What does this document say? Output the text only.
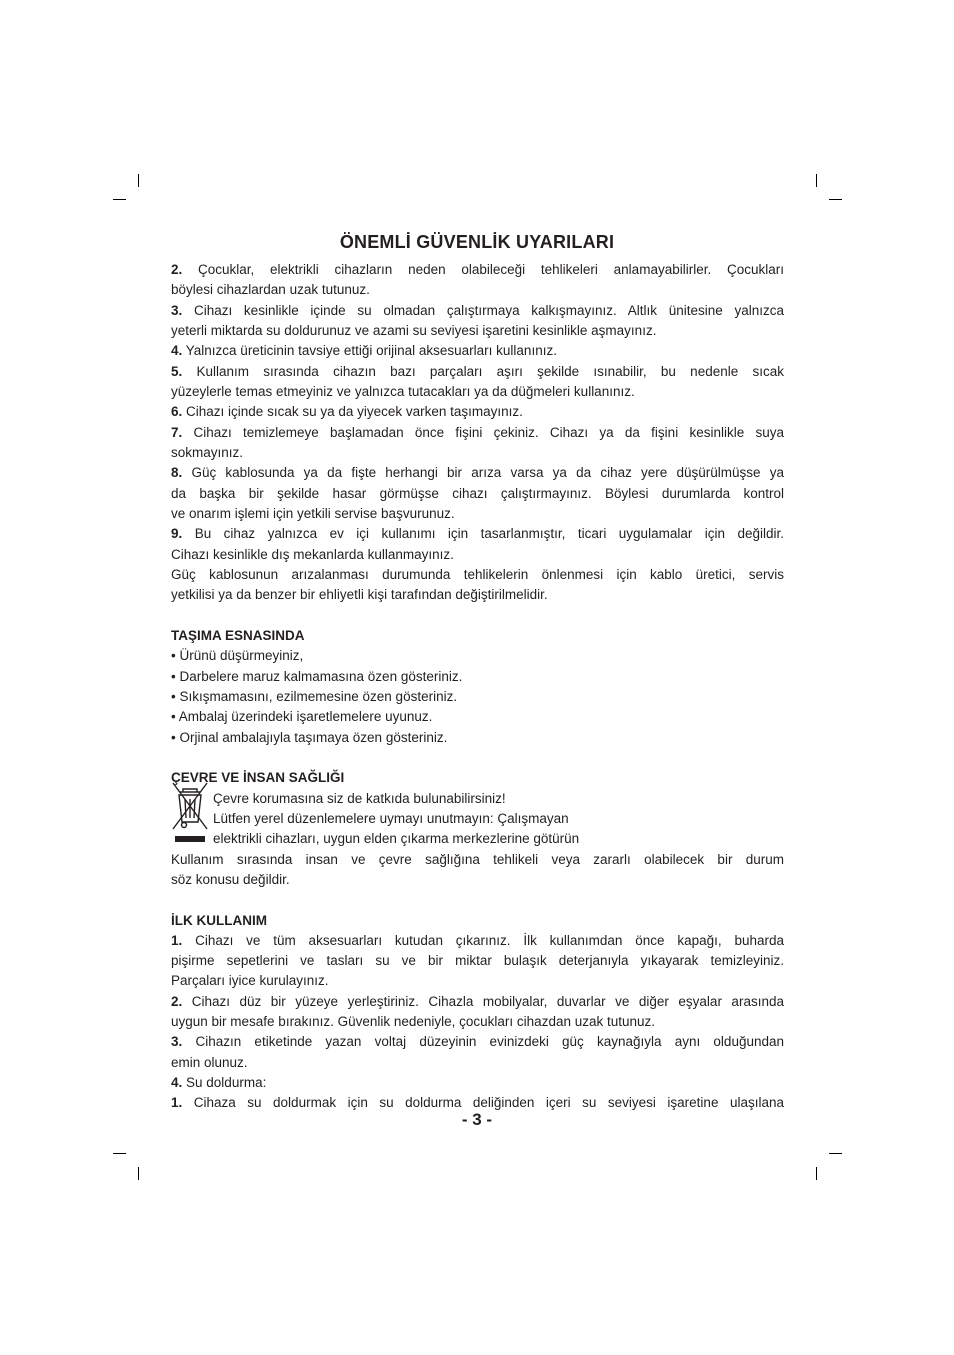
ÖNEMLİ GÜVENLİK UYARILARI
2. Çocuklar, elektrikli cihazların neden olabileceği tehlikeleri anlamayabilirler. Çocukları
böylesi cihazlardan uzak tutunuz.
3. Cihazı kesinlikle içinde su olmadan çalıştırmaya kalkışmayınız. Altlık ünitesine yalnızca
yeterli miktarda su doldurunuz ve azami su seviyesi işaretini kesinlikle aşmayınız.
4. Yalnızca üreticinin tavsiye ettiği orijinal aksesuarları kullanınız.
5. Kullanım sırasında cihazın bazı parçaları aşırı şekilde ısınabilir, bu nedenle sıcak
yüzeylerle temas etmeyiniz ve yalnızca tutacakları ya da düğmeleri kullanınız.
6. Cihazı içinde sıcak su ya da yiyecek varken taşımayınız.
7. Cihazı temizlemeye başlamadan önce fişini çekiniz. Cihazı ya da fişini kesinlikle suya
sokmayınız.
8. Güç kablosunda ya da fişte herhangi bir arıza varsa ya da cihaz yere düşürülmüşse ya
da başka bir şekilde hasar görmüşse cihazı çalıştırmayınız. Böylesi durumlarda kontrol
ve onarım işlemi için yetkili servise başvurunuz.
9. Bu cihaz yalnızca ev içi kullanımı için tasarlanmıştır, ticari uygulamalar için değildir.
Cihazı kesinlikle dış mekanlarda kullanmayınız.
Güç kablosunun arızalanması durumunda tehlikelerin önlenmesi için kablo üretici, servis
yetkilisi ya da benzer bir ehliyetli kişi tarafından değiştirilmelidir.
TAŞIMA ESNASINDA
• Ürünü düşürmeyiniz,
• Darbelere maruz kalmamasına özen gösteriniz.
• Sıkışmamasını, ezilmemesine özen gösteriniz.
• Ambalaj üzerindeki işaretlemelere uyunuz.
• Orjinal ambalajıyla taşımaya özen gösteriniz.
ÇEVRE VE İNSAN SAĞLIĞI
Çevre korumasına siz de katkıda bulunabilirsiniz!
Lütfen yerel düzenlemelere uymayı unutmayın: Çalışmayan
elektrikli cihazları, uygun elden çıkarma merkezlerine götürün
Kullanım sırasında insan ve çevre sağlığına tehlikeli veya zararlı olabilecek bir durum
söz konusu değildir.
İLK KULLANIM
1. Cihazı ve tüm aksesuarları kutudan çıkarınız. İlk kullanımdan önce kapağı, buharda
pişirme sepetlerini ve tasları su ve bir miktar bulaşık deterjanıyla yıkayarak temizleyiniz.
Parçaları iyice kurulayınız.
2. Cihazı düz bir yüzeye yerleştiriniz. Cihazla mobilyalar, duvarlar ve diğer eşyalar arasında
uygun bir mesafe bırakınız. Güvenlik nedeniyle, çocukları cihazdan uzak tutunuz.
3. Cihazın etiketinde yazan voltaj düzeyinin evinizdeki güç kaynağıyla aynı olduğundan
emin olunuz.
4. Su doldurma:
1. Cihaza su doldurmak için su doldurma deliğinden içeri su seviyesi işaretine ulaşılana
- 3 -
